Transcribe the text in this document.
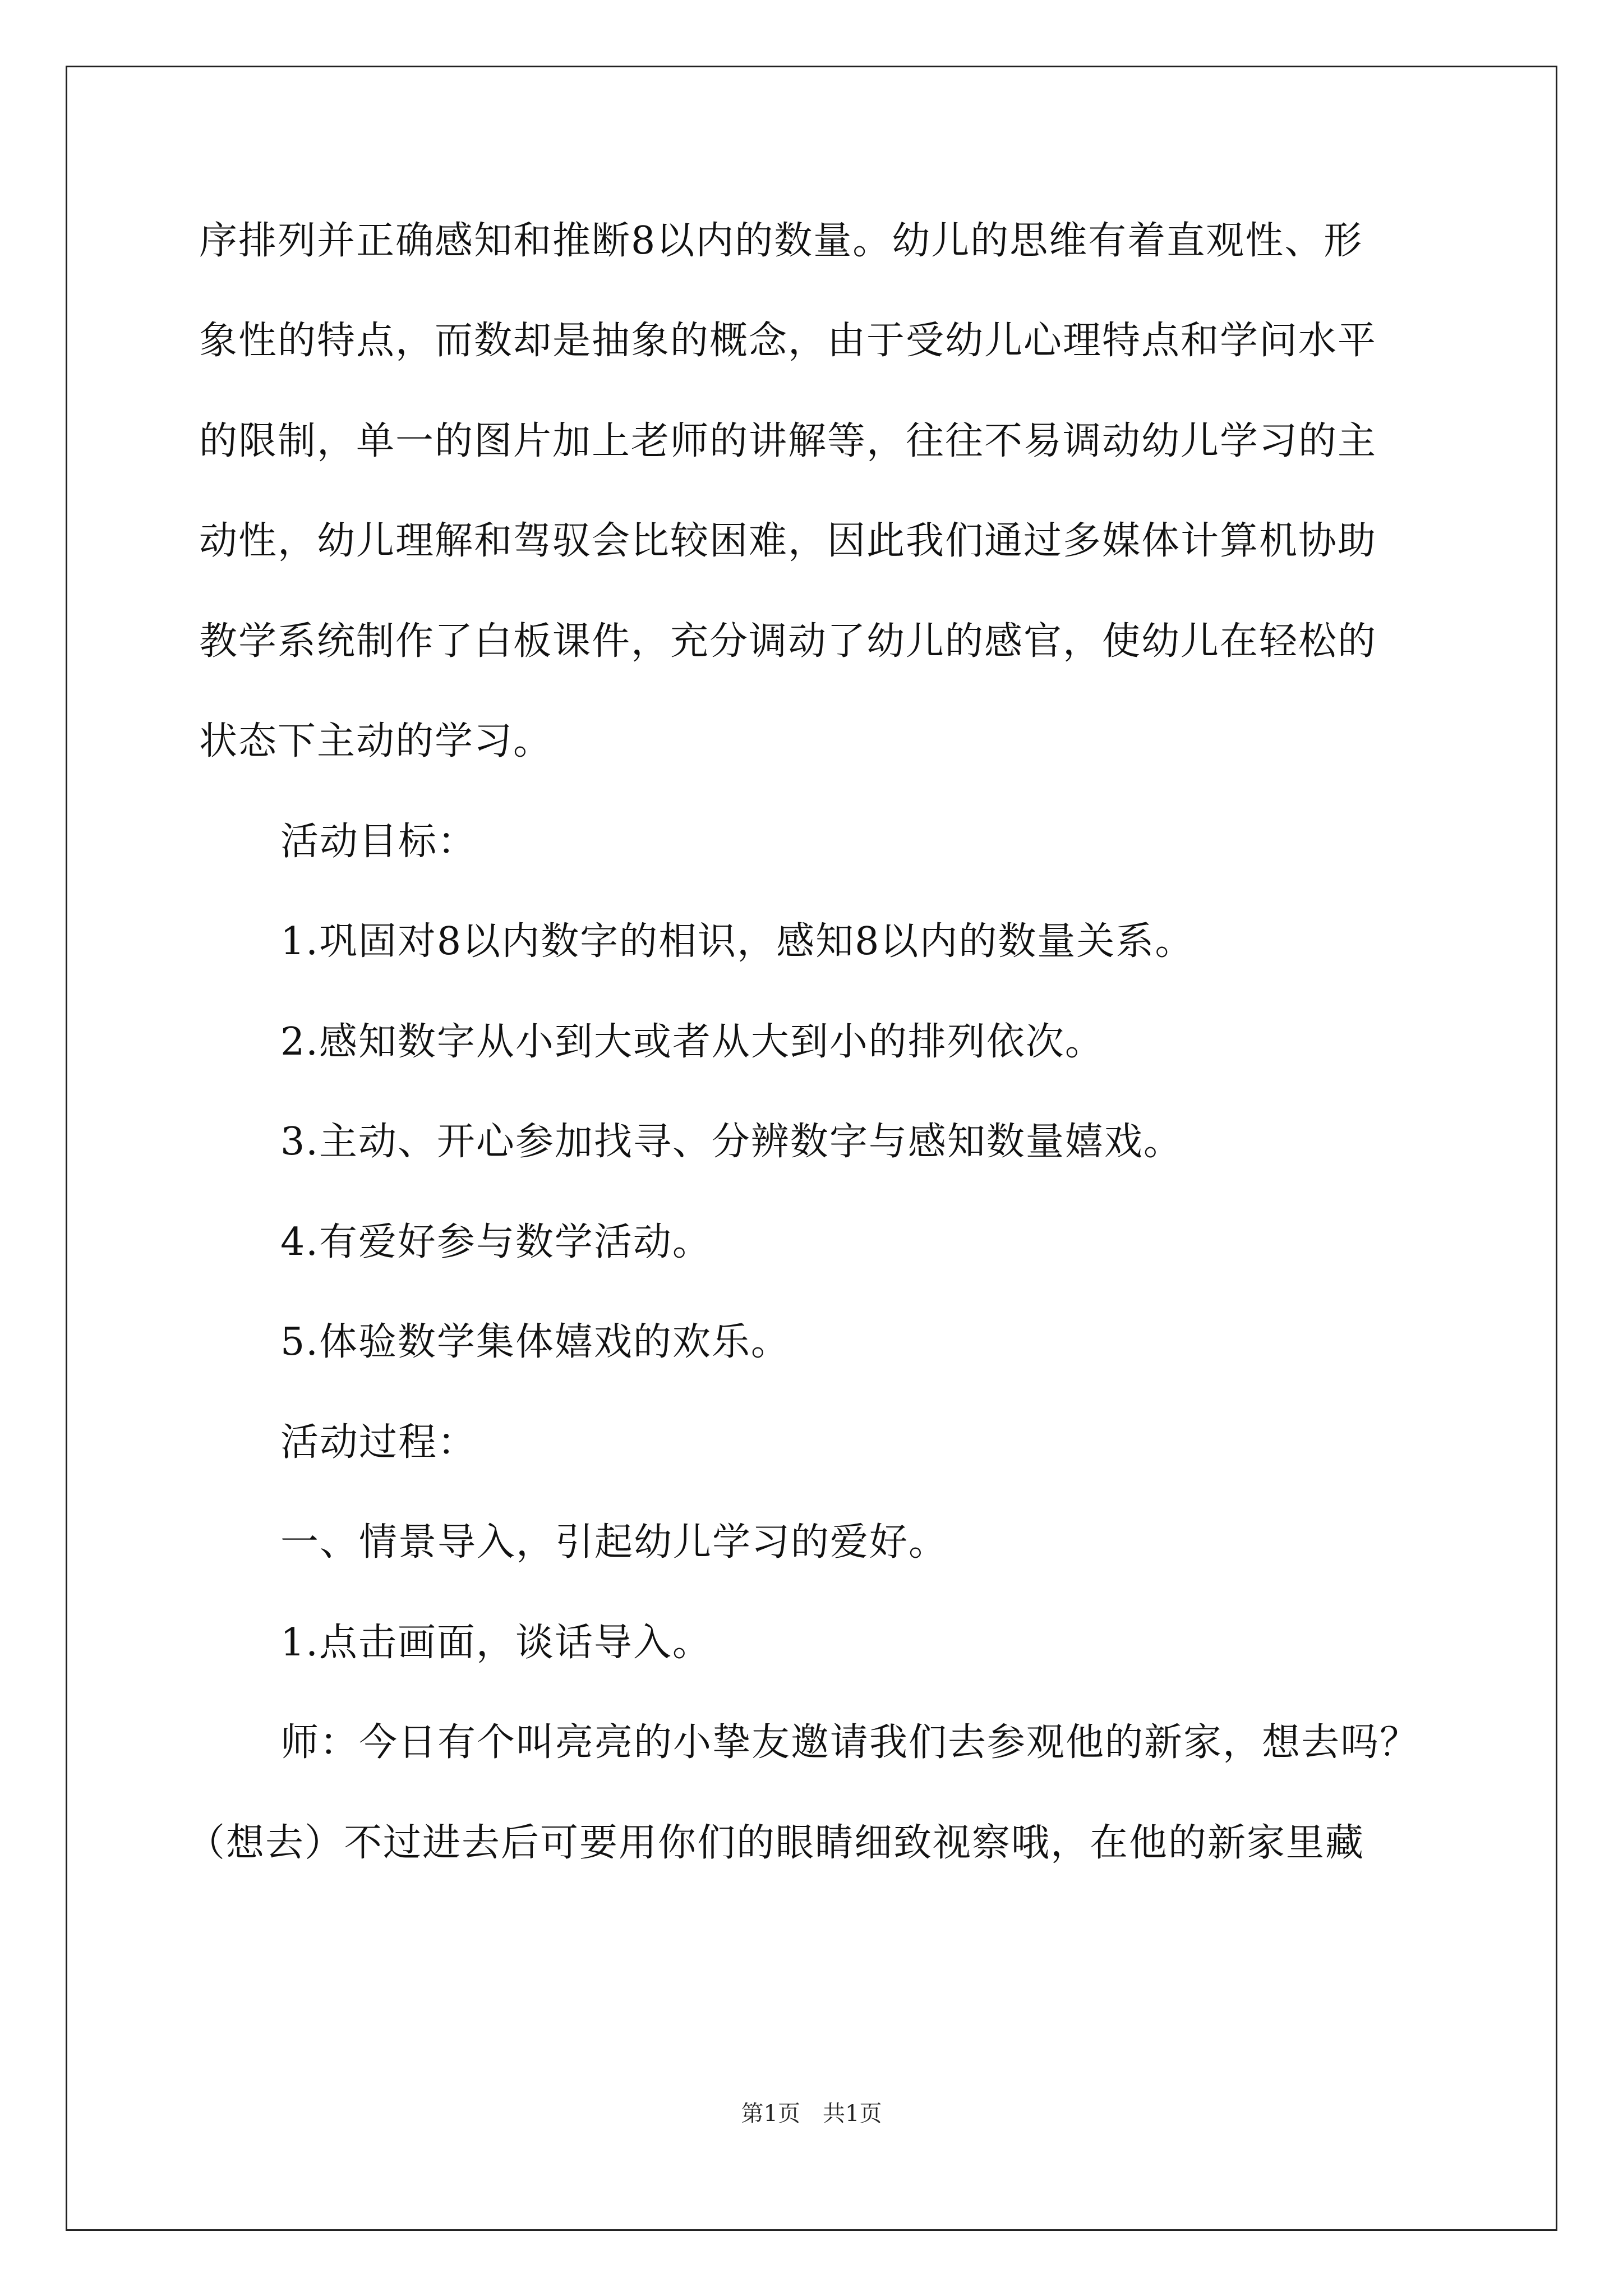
序排列并正确感知和推断8以内的数量。幼儿的思维有着直观性、形
象性的特点，而数却是抽象的概念，由于受幼儿心理特点和学问水平
的限制，单一的图片加上老师的讲解等，往往不易调动幼儿学习的主
动性，幼儿理解和驾驭会比较困难，因此我们通过多媒体计算机协助
教学系统制作了白板课件，充分调动了幼儿的感官，使幼儿在轻松的
状态下主动的学习。
活动目标：
1.巩固对8以内数字的相识，感知8以内的数量关系。
2.感知数字从小到大或者从大到小的排列依次。
3.主动、开心参加找寻、分辨数字与感知数量嬉戏。
4.有爱好参与数学活动。
5.体验数学集体嬉戏的欢乐。
活动过程：
一、情景导入，引起幼儿学习的爱好。
1.点击画面，谈话导入。
师：今日有个叫亮亮的小挚友邀请我们去参观他的新家，想去吗？
（想去）不过进去后可要用你们的眼睛细致视察哦，在他的新家里藏
第1页　共1页
